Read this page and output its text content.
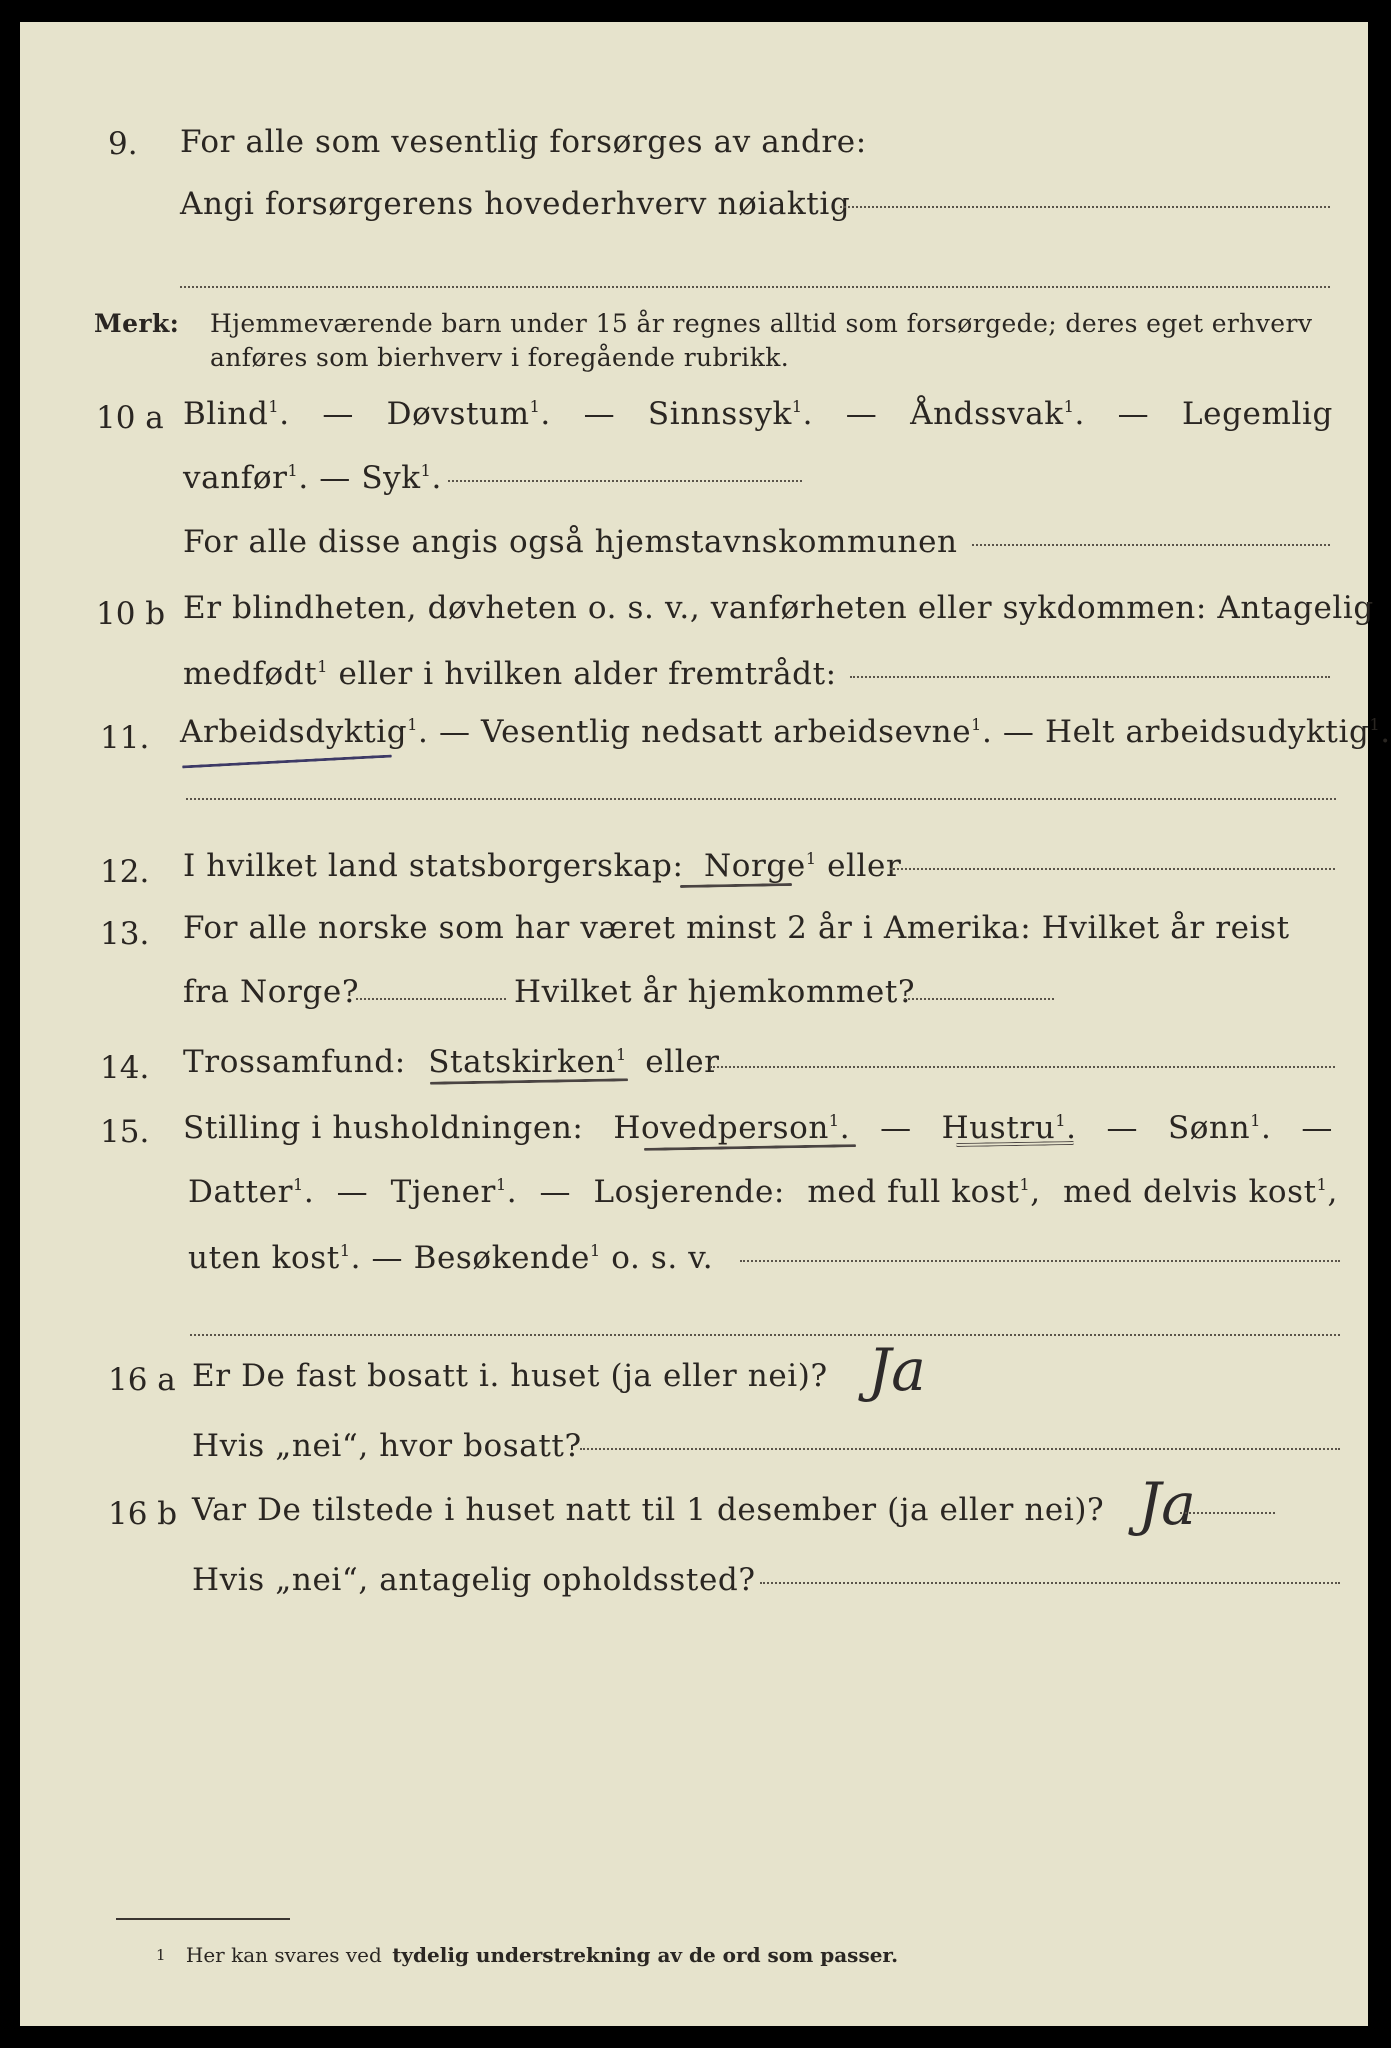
9. For alle som vesentlig forsørges av andre:
Angi forsørgerens hovederhverv nøiaktig
Merk: Hjemmeværende barn under 15 år regnes alltid som forsørgede; deres eget erhverv
anføres som bierhverv i foregående rubrikk.
10 a Blind$^1$. — Døvstum$^1$. — Sinnssyk$^1$. — Åndssvak$^1$. — Legemlig
vanfør$^1$. — Syk$^1$.
For alle disse angis også hjemstavnskommunen
10 b Er blindheten, døvheten o. s. v., vanførheten eller sykdommen: Antagelig
medfødt$^1$ eller i hvilken alder fremtrådt:
11. Arbeidsdyktig$^1$. — Vesentlig nedsatt arbeidsevne$^1$. — Helt arbeidsudyktig$^1$.
12. I hvilket land statsborgerskap: Norge$^1$ eller
13. For alle norske som har været minst 2 år i Amerika: Hvilket år reist
fra Norge?	Hvilket år hjemkommet?
14. Trossamfund: Statskirken$^1$ eller
15. Stilling i husholdningen: Hovedperson$^1$. — Hustru$^1$. — Sønn$^1$. —
Datter$^1$. — Tjener$^1$. — Losjerende: med full kost$^1$, med delvis kost$^1$,
uten kost$^1$. — Besøkende$^1$ o. s. v.
16 a Er De fast bosatt i. huset (ja eller nei)? Ja
Hvis „nei“, hvor bosatt?
16 b Var De tilstede i huset natt til 1 desember (ja eller nei)? Ja
Hvis „nei“, antagelig opholdssted?
1 Her kan svares ved tydelig understrekning av de ord som passer.
